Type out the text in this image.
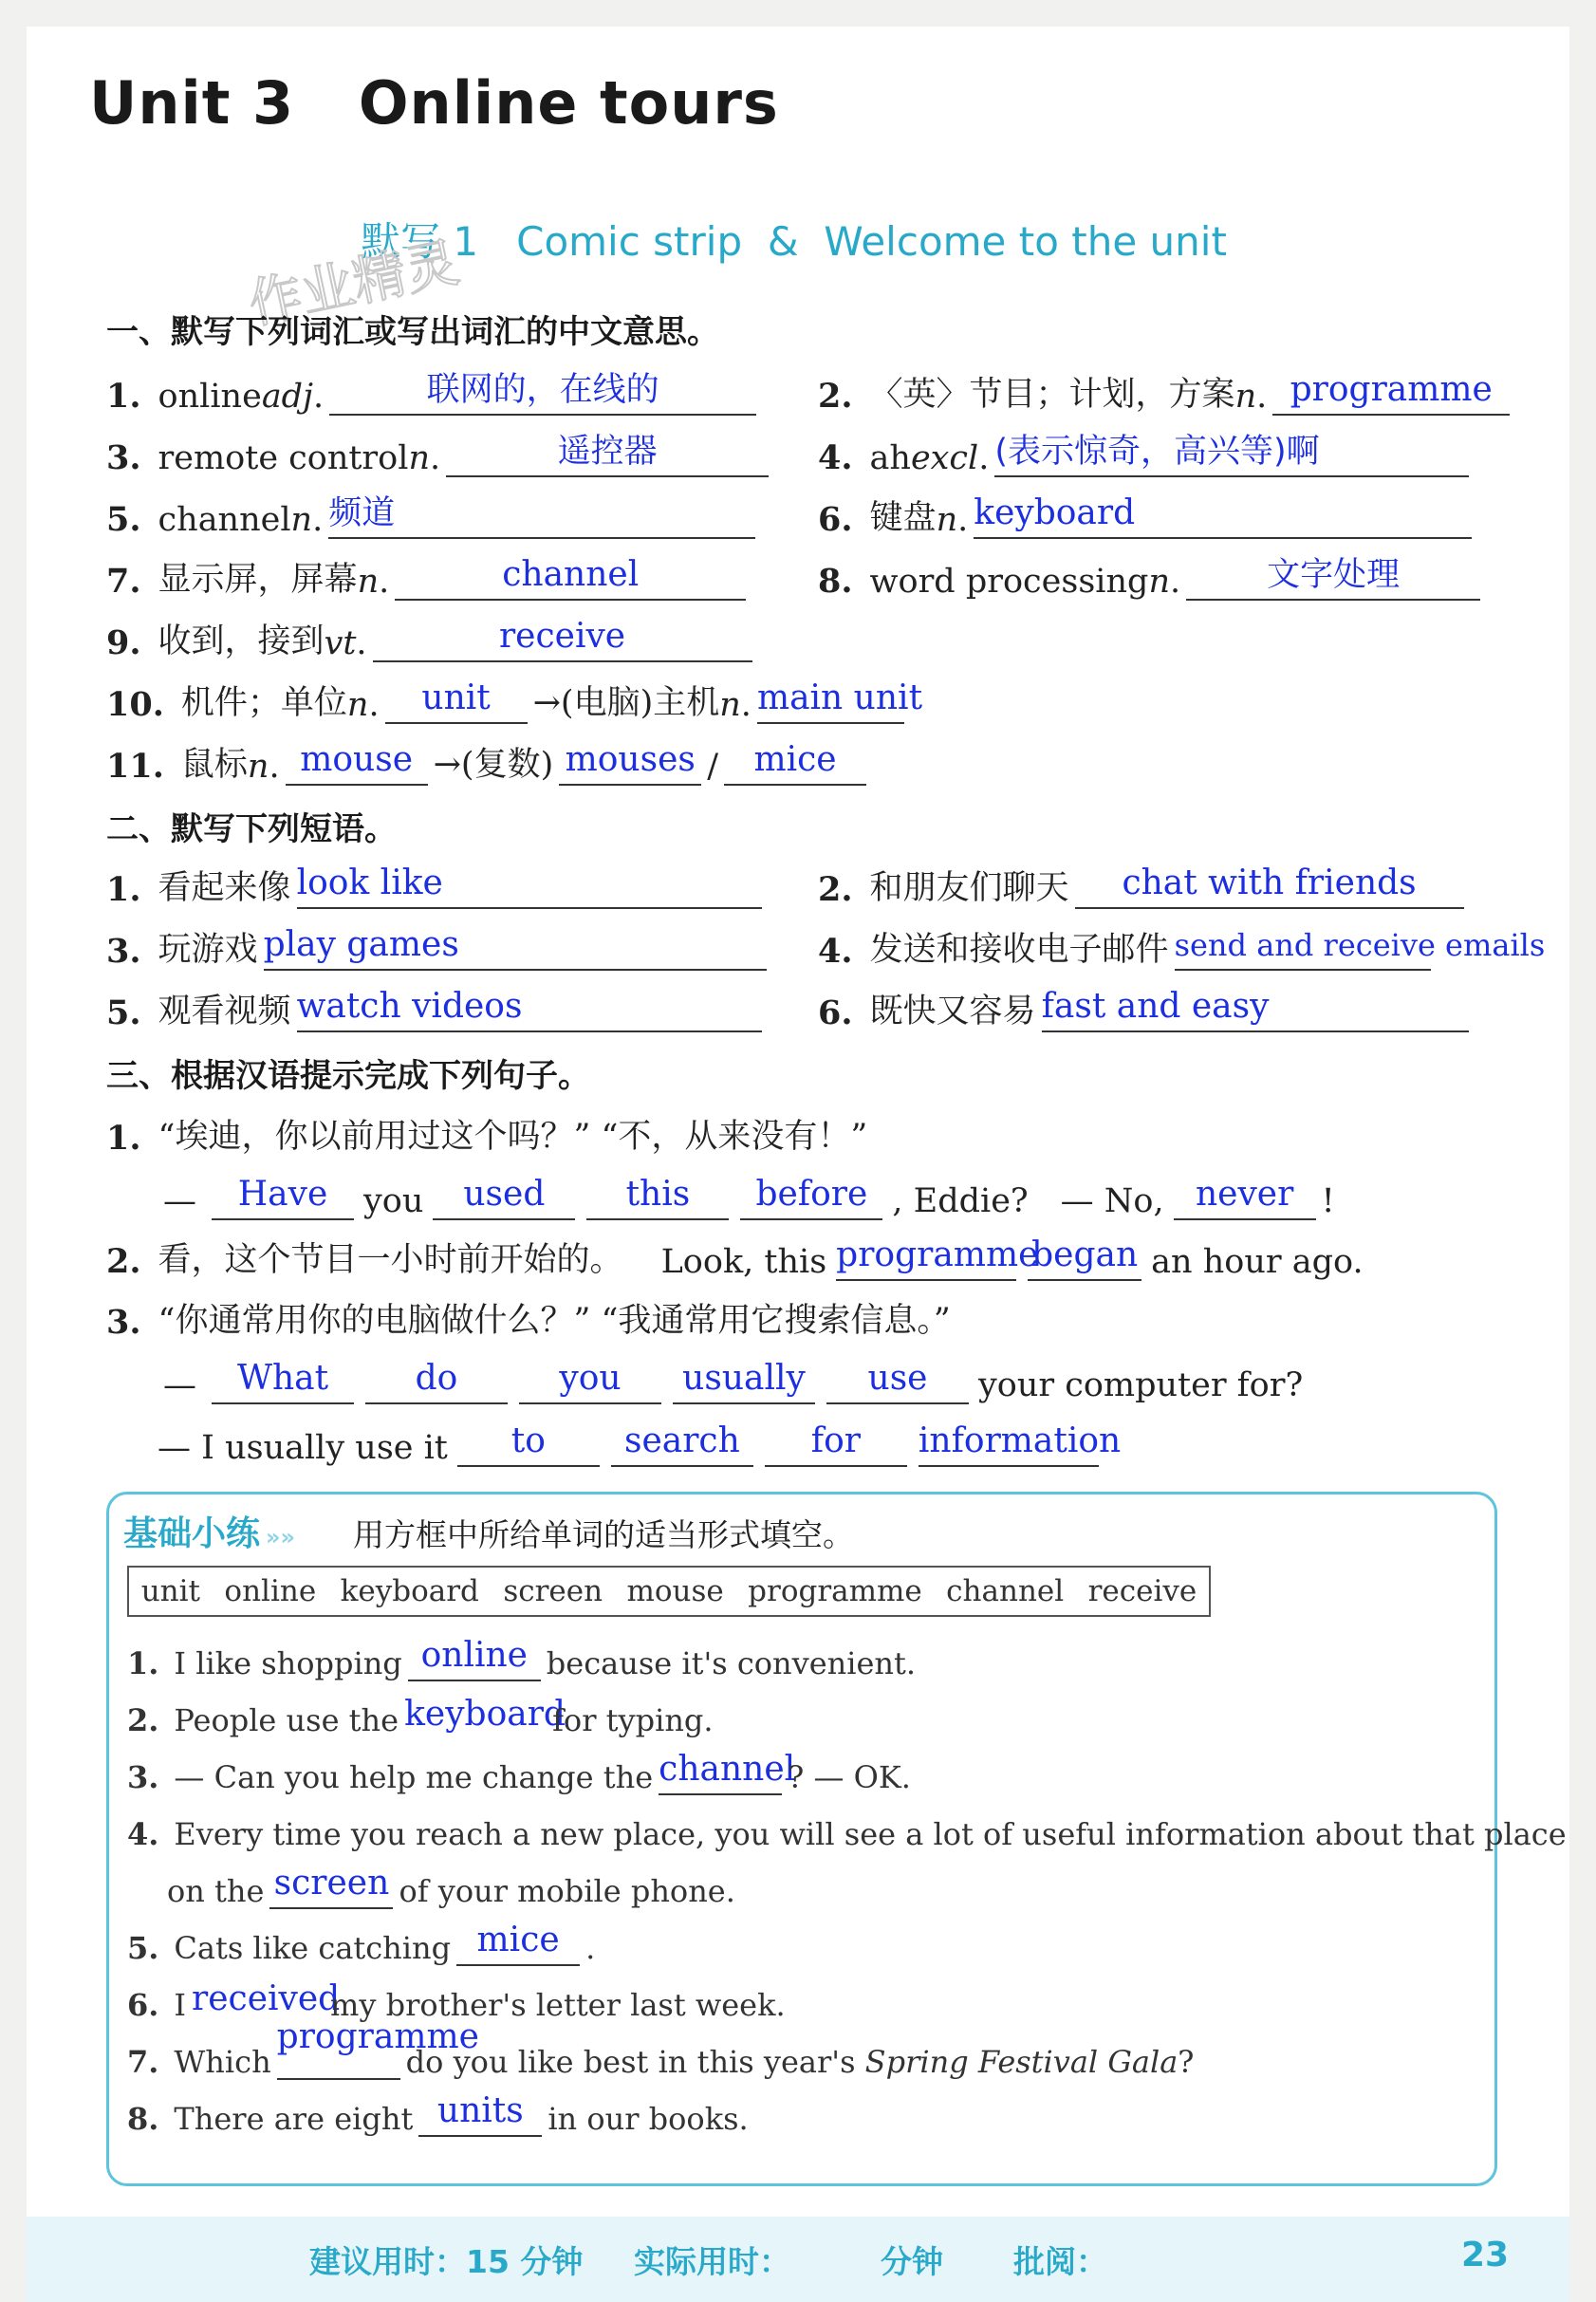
Unit 3   Online tours
默写 1   Comic strip  &  Welcome to the unit
作业精灵
一、默写下列词汇或写出词汇的中文意思。
1. online adj .	联网的，在线的	2. 〈英〉节目；计划，方案 n . programme
3. remote control n .	遥控器	4. ah excl . (表示惊奇，高兴等)啊
5. channel n . 频道	6. 键盘 n . keyboard
7. 显示屏，屏幕 n .	channel	8. word processing n .	文字处理
9. 收到，接到 vt .	receive
10. 机件；单位 n .	unit	→(电脑)主机 n . main unit
11. 鼠标 n . mouse →(复数) mouses /	mice
二、默写下列短语。
1. 看起来像 look like	2. 和朋友们聊天	chat with friends
3. 玩游戏 play games	4. 发送和接收电子邮件 send and receive emails
5. 观看视频 watch videos	6. 既快又容易 fast and easy
三、根据汉语提示完成下列句子。
1. “埃迪，你以前用过这个吗？” “不，从来没有！”
—	Have	you	used	this	before , Eddie? — No, never !
2. 看，这个节目一小时前开始的。	Look, this programme
began an hour ago.
3. “你通常用你的电脑做什么？” “我通常用它搜索信息。”
—	What	do	you	usually	use	your computer for?
— I usually use it	to	search	for	information
基础小练 »» 用方框中所给单词的适当形式填空。
unit online keyboard screen mouse programme channel receive
1. I like shopping online because it's convenient.
2. People use the keyboard
for typing.
3. — Can you help me change the channel
? — OK.
4. Every time you reach a new place, you will see a lot of useful information about that place
on the screen of your mobile phone.
5. Cats like catching mice .
6. I received
my brother's letter last week.
7. Which
programme
do you like best in this year's
Spring Festival Gala ?
8. There are eight units in our books.
建议用时：15 分钟 实际用时：	分钟 批阅：	23
